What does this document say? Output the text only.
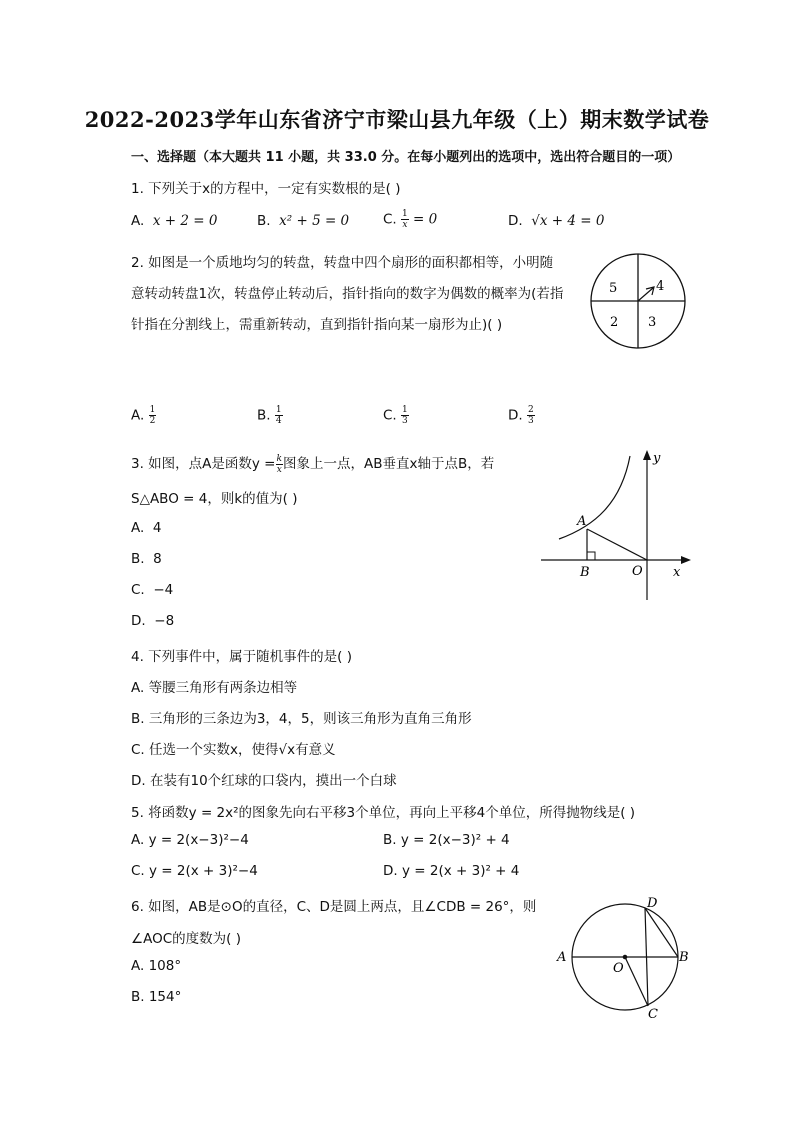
2022-2023学年山东省济宁市梁山县九年级（上）期末数学试卷
一、选择题（本大题共 11 小题，共 33.0 分。在每小题列出的选项中，选出符合题目的一项）
1. 下列关于x的方程中，一定有实数根的是( )
A. x + 2 = 0	B. x² + 5 = 0	C. $\frac{1}{x} = 0$	D. √x + 4 = 0
2. 如图是一个质地均匀的转盘，转盘中四个扇形的面积都相等，小明随
意转动转盘1次，转盘停止转动后，指针指向的数字为偶数的概率为(若指
针指在分割线上，需重新转动，直到指针指向某一扇形为止)( )
5	4
2 3
A. $\frac{1}{2}$	B. $\frac{1}{4}$	C. $\frac{1}{3}$	D. $\frac{2}{3}$
3. 如图，点A是函数$y = \frac{k}{x}$ 图象上一点，AB垂直x轴于点B，若
S△ABO = 4，则k的值为( )
A. 4
B. 8
C. −4
D. −8
y
x
A
B	O
4. 下列事件中，属于随机事件的是( )
A. 等腰三角形有两条边相等
B. 三角形的三条边为3，4，5，则该三角形为直角三角形
C. 任选一个实数x，使得√x有意义
D. 在装有10个红球的口袋内，摸出一个白球
5. 将函数y = 2x²的图象先向右平移3个单位，再向上平移4个单位，所得抛物线是( )
A. y = 2(x−3)²−4	B. y = 2(x−3)² + 4
C. y = 2(x + 3)²−4	D. y = 2(x + 3)² + 4
6. 如图，AB是⊙O的直径，C、D是圆上两点，且∠CDB = 26°，则
∠AOC的度数为( )
A. 108°
B. 154°
A	B
C
D
O
